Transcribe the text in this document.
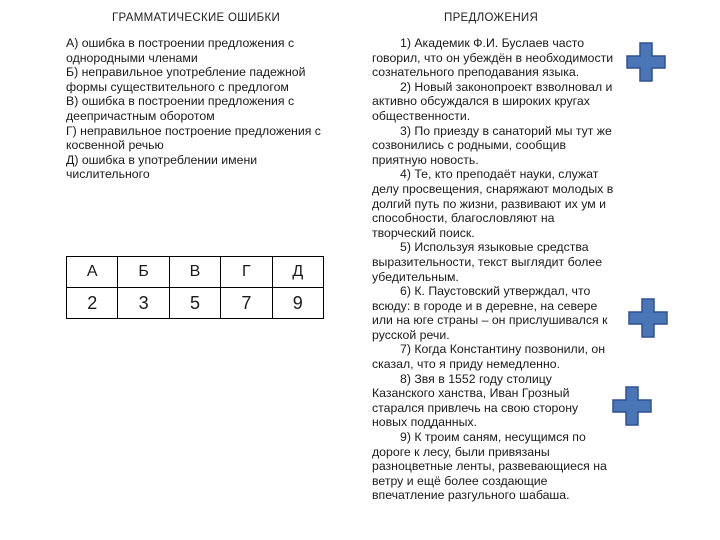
ГРАММАТИЧЕСКИЕ ОШИБКИ	ПРЕДЛОЖЕНИЯ

А) ошибка в построении предложения с однородными членами

Б) неправильное употребление падежной формы существительного с предлогом

В) ошибка в построении предложения с деепричастным оборотом

Г) неправильное построение предложения с косвенной речью

Д) ошибка в употреблении имени числительного

А	Б	В	Г	Д
2	3	5	7	9

1) Академик Ф.И. Буслаев часто говорил, что он убеждён в необходимости сознательного преподавания языка.

2) Новый законопроект взволновал и активно обсуждался в широких кругах общественности.

3) По приезду в санаторий мы тут же созвонились с родными, сообщив приятную новость.

4) Те, кто преподаёт науки, служат делу просвещения, снаряжают молодых в долгий путь по жизни, развивают их ум и способности, благословляют на творческий поиск.

5) Используя языковые средства выразительности, текст выглядит более убедительным.

6) К. Паустовский утверждал, что всюду: в городе и в деревне, на севере или на юге страны – он прислушивался к русской речи.

7) Когда Константину позвонили, он сказал, что я приду немедленно.

8) Звя в 1552 году столицу Казанского ханства, Иван Грозный старался привлечь на свою сторону новых подданных.

9) К троим саням, несущимся по дороге к лесу, были привязаны разноцветные ленты, развевающиеся на ветру и ещё более создающие впечатление разгульного шабаша.
